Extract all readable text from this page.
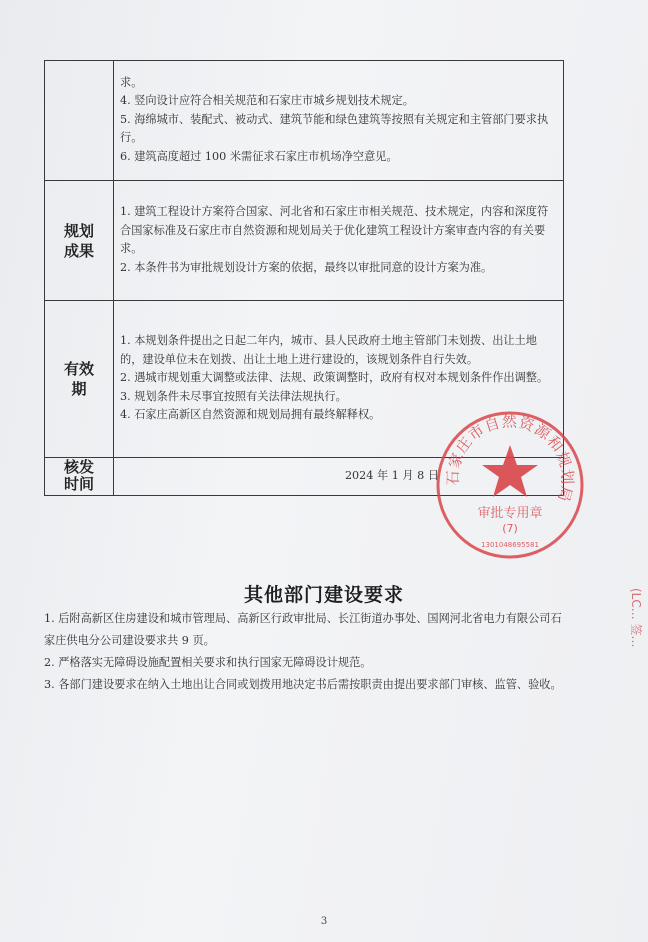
	求。

4. 竖向设计应符合相关规范和石家庄市城乡规划技术规定。

5. 海绵城市、装配式、被动式、建筑节能和绿色建筑等按照有关规定和主管部门要求执行。

6. 建筑高度超过 100 米需征求石家庄市机场净空意见。

规划成果	1. 建筑工程设计方案符合国家、河北省和石家庄市相关规范、技术规定，内容和深度符合国家标准及石家庄市自然资源和规划局关于优化建筑工程设计方案审查内容的有关要求。

2. 本条件书为审批规划设计方案的依据，最终以审批同意的设计方案为准。

有效期	1. 本规划条件提出之日起二年内，城市、县人民政府土地主管部门未划拨、出让土地的，建设单位未在划拨、出让土地上进行建设的，该规划条件自行失效。

2. 遇城市规划重大调整或法律、法规、政策调整时，政府有权对本规划条件作出调整。

3. 规划条件未尽事宜按照有关法律法规执行。

4. 石家庄高新区自然资源和规划局拥有最终解释权。

核发时间	2024 年 1 月 8 日 石家庄市自然资源和规划局
审批专用章
(7)
1301048695581
(LC… 签…
其他部门建设要求

1. 后附高新区住房建设和城市管理局、高新区行政审批局、长江街道办事处、国网河北省电力有限公司石家庄供电分公司建设要求共 9 页。

2. 严格落实无障碍设施配置相关要求和执行国家无障碍设计规范。

3. 各部门建设要求在纳入土地出让合同或划拨用地决定书后需按职责由提出要求部门审核、监管、验收。

3
